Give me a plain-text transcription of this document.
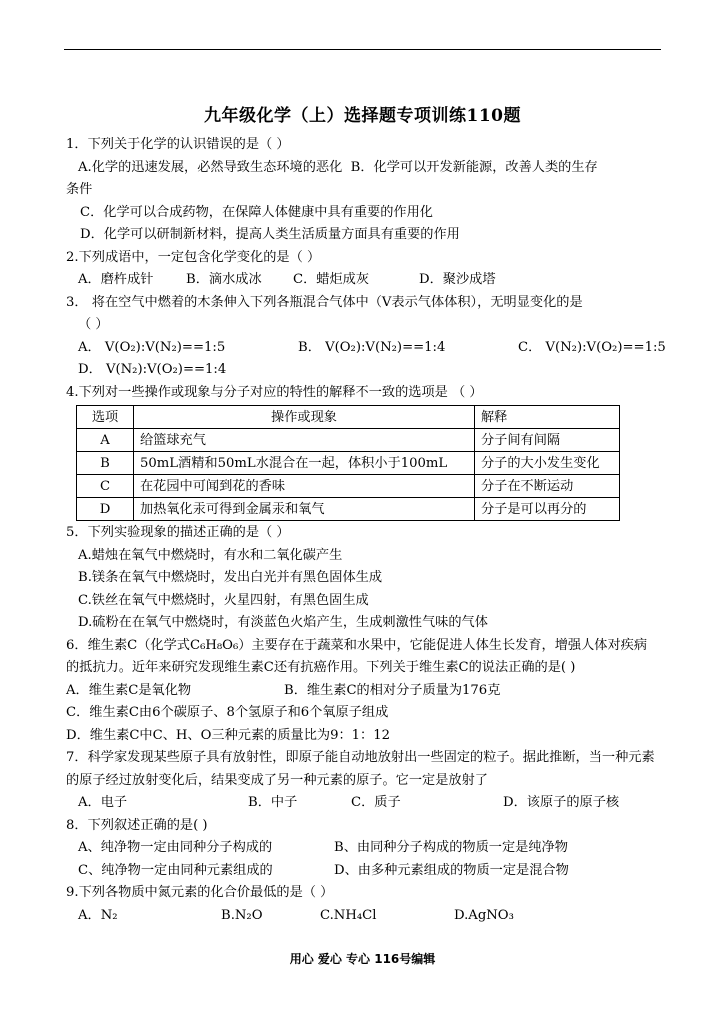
九年级化学（上）选择题专项训练110题
1．下列关于化学的认识错误的是（ ）
A.化学的迅速发展，必然导致生态环境的恶化 B．化学可以开发新能源，改善人类的生存
条件
C．化学可以合成药物，在保障人体健康中具有重要的作用化
D．化学可以研制新材料，提高人类生活质量方面具有重要的作用
2.下列成语中，一定包含化学变化的是（ ）
A．磨杵成针 B．滴水成冰 C．蜡炬成灰	D．聚沙成塔
3． 将在空气中燃着的木条伸入下列各瓶混合气体中（V表示气体体积），无明显变化的是
（ ）
A． V(O₂):V(N₂)==1:5	B． V(O₂):V(N₂)==1:4	C． V(N₂):V(O₂)==1:5
D． V(N₂):V(O₂)==1:4
4.下列对一些操作或现象与分子对应的特性的解释不一致的选项是 （ ）
选项	操作或现象	解释
A	给篮球充气	分子间有间隔
B	50mL酒精和50mL水混合在一起，体积小于100mL	分子的大小发生变化
C	在花园中可闻到花的香味	分子在不断运动
D	加热氧化汞可得到金属汞和氧气	分子是可以再分的
5．下列实验现象的描述正确的是（ ）
A.蜡烛在氧气中燃烧时，有水和二氧化碳产生
B.镁条在氧气中燃烧时，发出白光并有黑色固体生成
C.铁丝在氧气中燃烧时，火星四射，有黑色固生成
D.硫粉在在氧气中燃烧时，有淡蓝色火焰产生，生成刺激性气味的气体
6．维生素C（化学式C₆H₈O₆）主要存在于蔬菜和水果中，它能促进人体生长发育，增强人体对疾病的抵抗力。近年来研究发现维生素C还有抗癌作用。下列关于维生素C的说法正确的是( )
A．维生素C是氧化物	B．维生素C的相对分子质量为176克
C．维生素C由6个碳原子、8个氢原子和6个氧原子组成
D．维生素C中C、H、O三种元素的质量比为9：1：12
7．科学家发现某些原子具有放射性，即原子能自动地放射出一些固定的粒子。据此推断，当一种元素的原子经过放射变化后，结果变成了另一种元素的原子。它一定是放射了
A．电子	B．中子	C．质子	D．该原子的原子核
8．下列叙述正确的是( )
A、纯净物一定由同种分子构成的	B、由同种分子构成的物质一定是纯净物
C、纯净物一定由同种元素组成的	D、由多种元素组成的物质一定是混合物
9.下列各物质中氮元素的化合价最低的是（ ）
A．N₂	B.N₂O	C.NH₄Cl	D.AgNO₃
用心 爱心 专心 116号编辑
